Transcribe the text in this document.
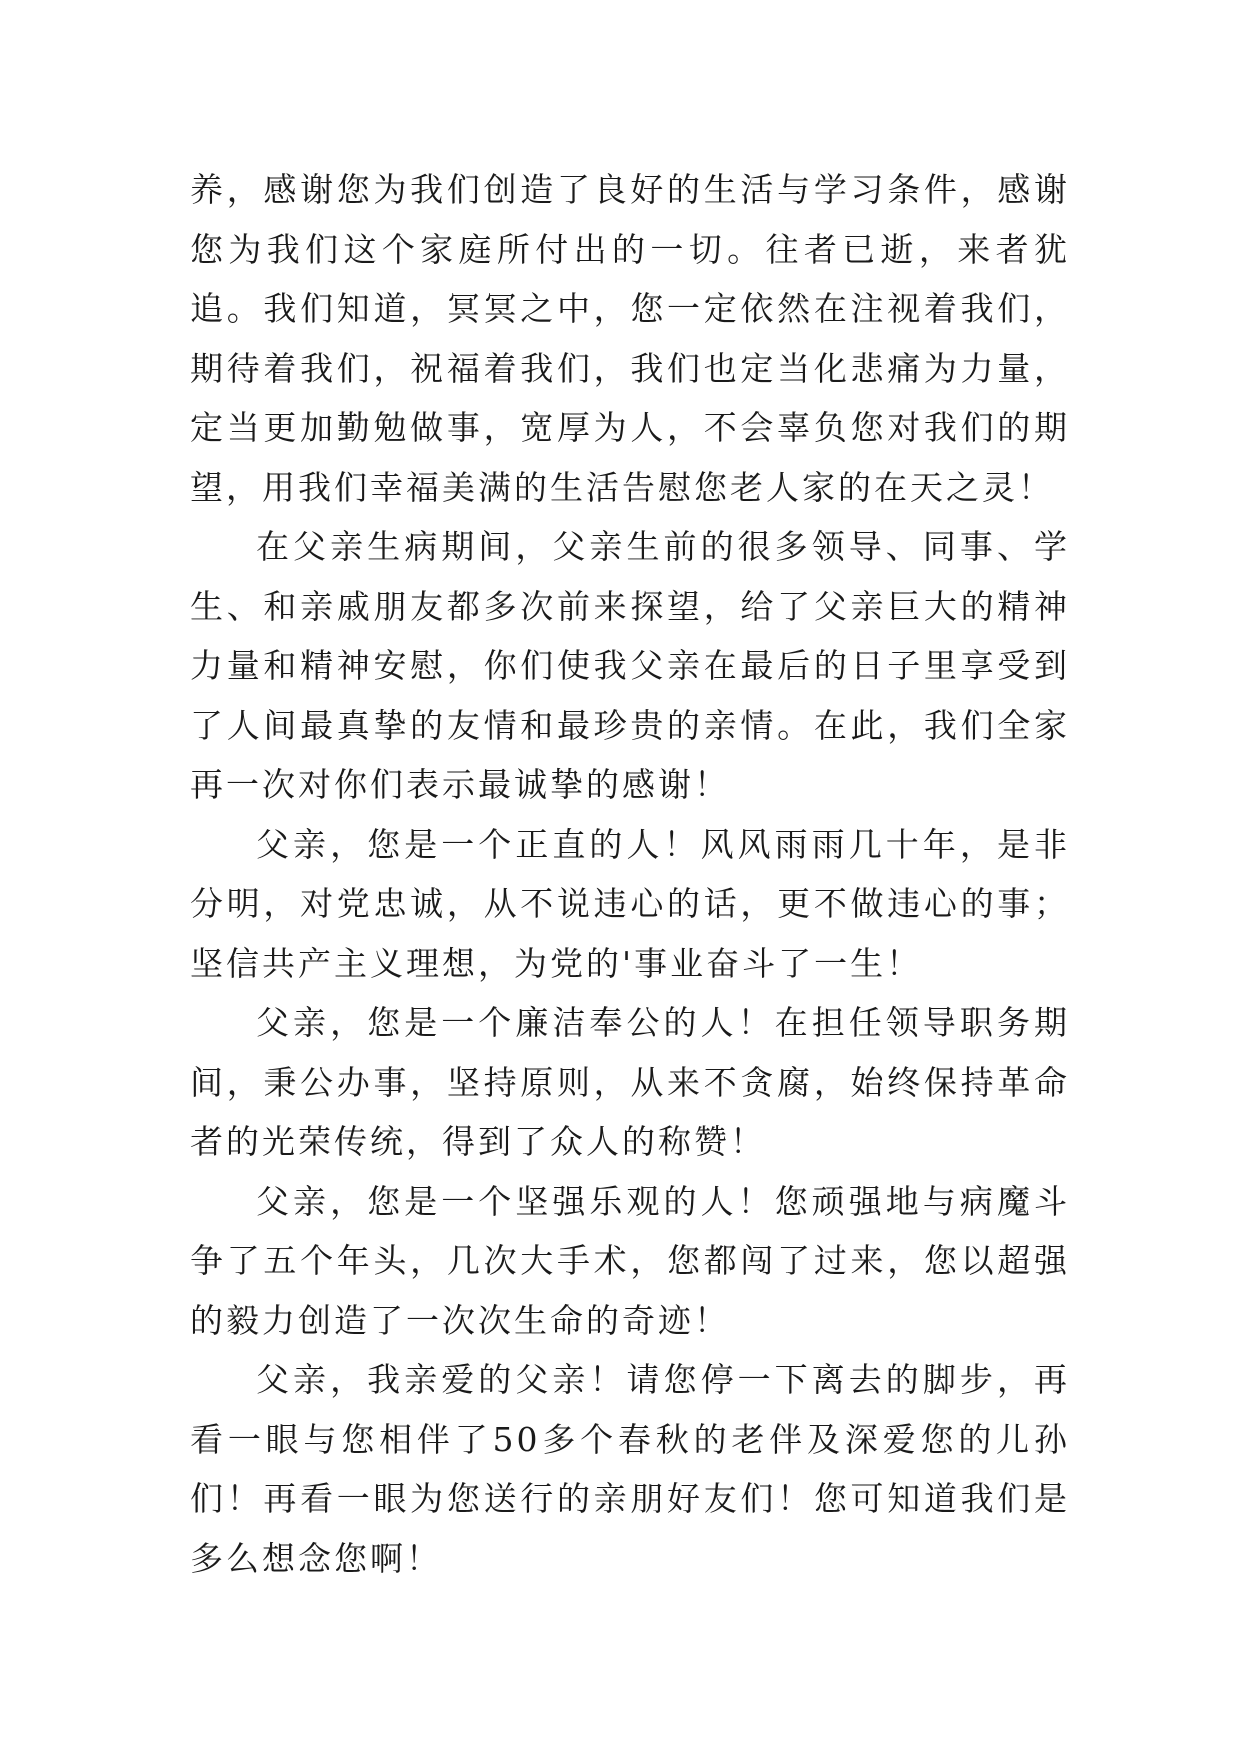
养，感谢您为我们创造了良好的生活与学习条件，感谢您为我们这个家庭所付出的一切。往者已逝，来者犹追。我们知道，冥冥之中，您一定依然在注视着我们，期待着我们，祝福着我们，我们也定当化悲痛为力量，定当更加勤勉做事，宽厚为人，不会辜负您对我们的期望，用我们幸福美满的生活告慰您老人家的在天之灵！

在父亲生病期间，父亲生前的很多领导、同事、学生、和亲戚朋友都多次前来探望，给了父亲巨大的精神力量和精神安慰，你们使我父亲在最后的日子里享受到了人间最真挚的友情和最珍贵的亲情。在此，我们全家再一次对你们表示最诚挚的感谢！

父亲，您是一个正直的人！风风雨雨几十年，是非分明，对党忠诚，从不说违心的话，更不做违心的事；坚信共产主义理想，为党的'事业奋斗了一生！

父亲，您是一个廉洁奉公的人！在担任领导职务期间，秉公办事，坚持原则，从来不贪腐，始终保持革命者的光荣传统，得到了众人的称赞！

父亲，您是一个坚强乐观的人！您顽强地与病魔斗争了五个年头，几次大手术，您都闯了过来，您以超强的毅力创造了一次次生命的奇迹！

父亲，我亲爱的父亲！请您停一下离去的脚步，再看一眼与您相伴了50多个春秋的老伴及深爱您的儿孙们！再看一眼为您送行的亲朋好友们！您可知道我们是多么想念您啊！
